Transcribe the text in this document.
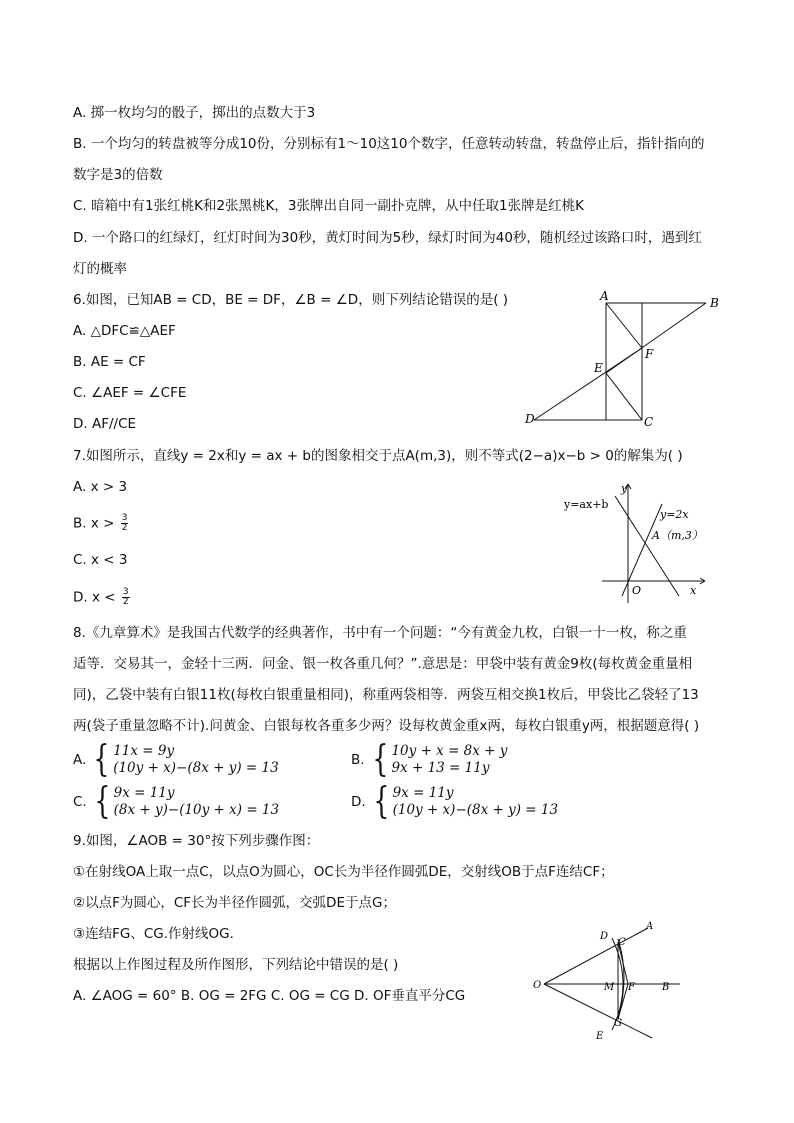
A. 掷一枚均匀的骰子，掷出的点数大于3
B. 一个均匀的转盘被等分成10份，分别标有1～10这10个数字，任意转动转盘，转盘停止后，指针指向的
数字是3的倍数
C. 暗箱中有1张红桃K和2张黑桃K，3张牌出自同一副扑克牌，从中任取1张牌是红桃K
D. 一个路口的红绿灯，红灯时间为30秒，黄灯时间为5秒，绿灯时间为40秒，随机经过该路口时，遇到红
灯的概率
6.如图，已知AB = CD，BE = DF，∠B = ∠D，则下列结论错误的是( )
A. △DFC≌△AEF
B. AE = CF
C. ∠AEF = ∠CFE
D. AF//CE
A	B
C
D
E
F
7.如图所示，直线y = 2x和y = ax + b的图象相交于点A(m,3)，则不等式(2−a)x−b > 0的解集为( )
A. x > 3
B. $x > \frac{3}{2}$
C. x < 3
D. $x < \frac{3}{2}$
y=ax+b
y=2x
A（m,3）
x
y
O
8.《九章算术》是我国古代数学的经典著作，书中有一个问题：“今有黄金九枚，白银一十一枚，称之重
适等．交易其一，金轻十三两．问金、银一枚各重几何？”.意思是：甲袋中装有黄金9枚(每枚黄金重量相
同)，乙袋中装有白银11枚(每枚白银重量相同)，称重两袋相等．两袋互相交换1枚后，甲袋比乙袋轻了13
两(袋子重量忽略不计).问黄金、白银每枚各重多少两？设每枚黄金重x两，每枚白银重y两，根据题意得( )
A. { 11x = 9y
(10y + x)−(8x + y) = 13	B. { 10y + x = 8x + y
9x + 13 = 11y
C. { 9x = 11y
(8x + y)−(10y + x) = 13	D. { 9x = 11y
(10y + x)−(8x + y) = 13
9.如图，∠AOB = 30°按下列步骤作图：
①在射线OA上取一点C，以点O为圆心，OC长为半径作圆弧DE，交射线OB于点F连结CF；
②以点F为圆心，CF长为半径作圆弧，交弧DE于点G；
③连结FG、CG.作射线OG．
根据以上作图过程及所作图形，下列结论中错误的是( )
A. ∠AOG = 60° B. OG = 2FG C. OG = CG D. OF垂直平分CG
O
A
B
C
D
E
F
G
M
